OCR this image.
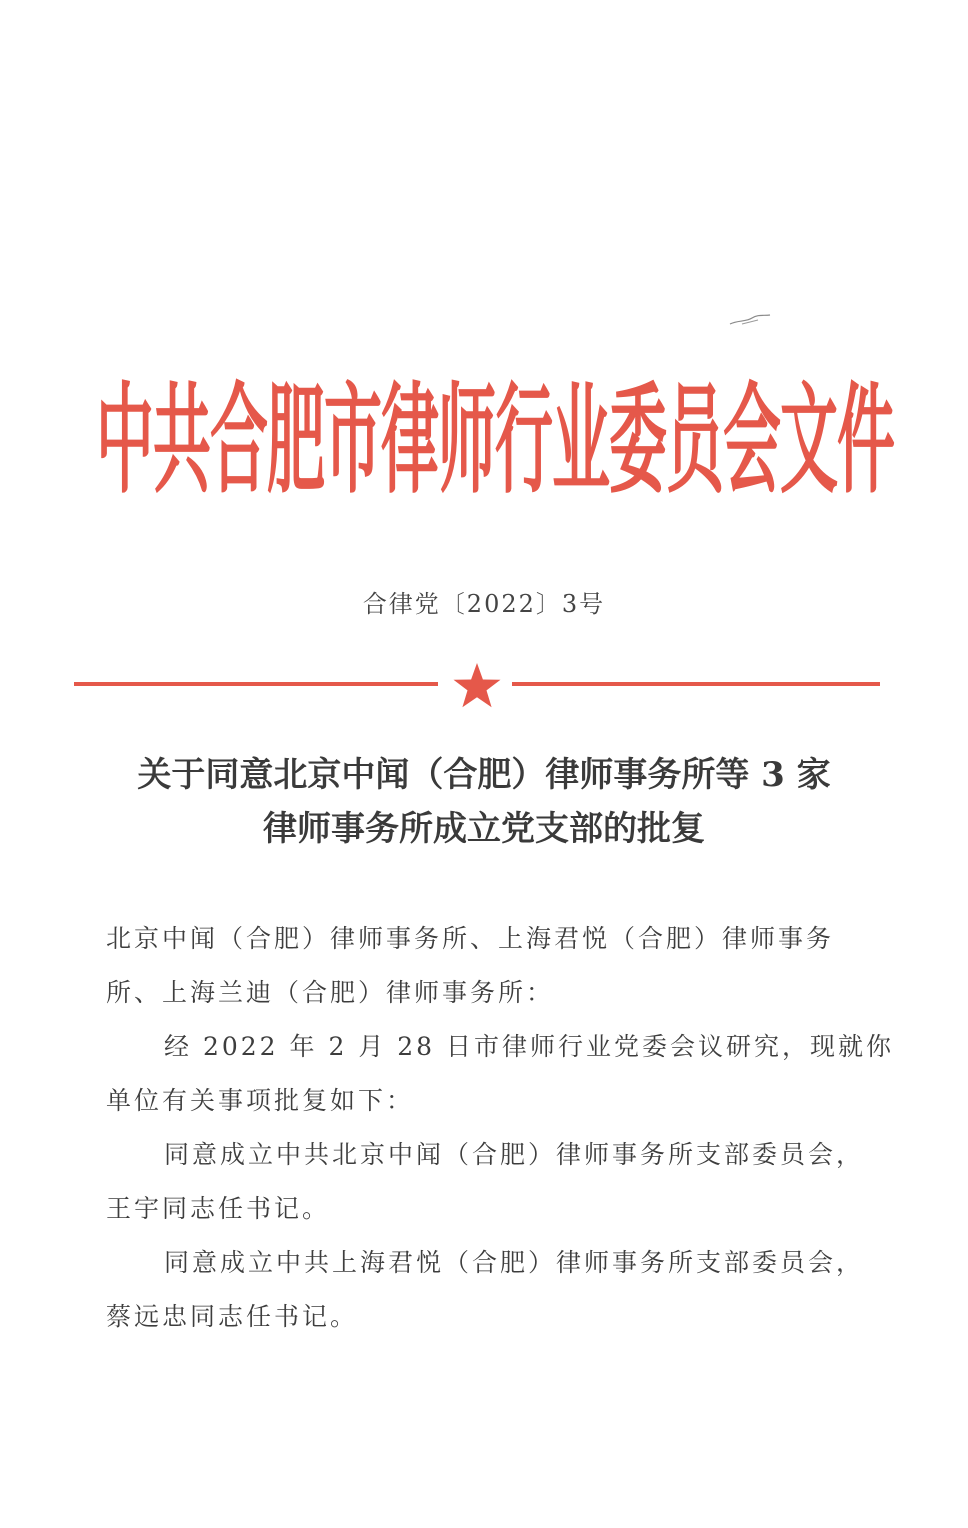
中共合肥市律师行业委员会文件
合律党〔2022〕3号
关于同意北京中闻（合肥）律师事务所等 3 家
律师事务所成立党支部的批复
北京中闻（合肥）律师事务所、上海君悦（合肥）律师事务
所、上海兰迪（合肥）律师事务所：
经 2022 年 2 月 28 日市律师行业党委会议研究，现就你
单位有关事项批复如下：
同意成立中共北京中闻（合肥）律师事务所支部委员会，
王宇同志任书记。
同意成立中共上海君悦（合肥）律师事务所支部委员会，
蔡远忠同志任书记。
